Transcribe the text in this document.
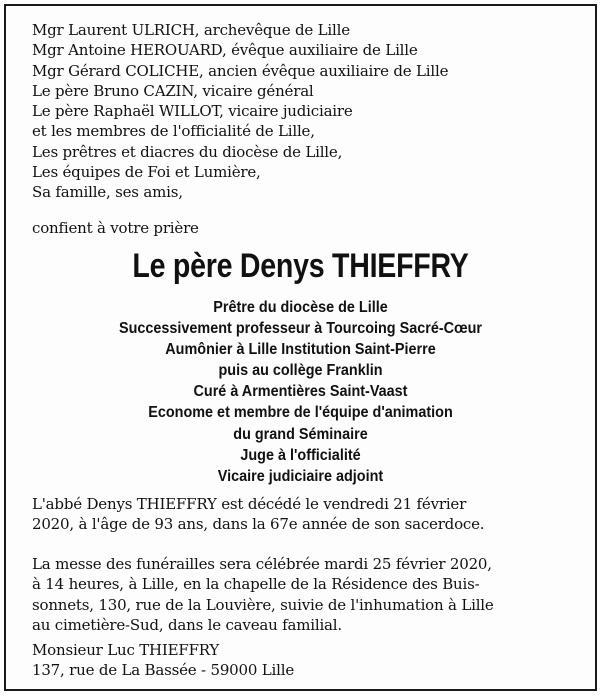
Mgr Laurent ULRICH, archevêque de Lille
Mgr Antoine HEROUARD, évêque auxiliaire de Lille
Mgr Gérard COLICHE, ancien évêque auxiliaire de Lille
Le père Bruno CAZIN, vicaire général
Le père Raphaël WILLOT, vicaire judiciaire
et les membres de l'officialité de Lille,
Les prêtres et diacres du diocèse de Lille,
Les équipes de Foi et Lumière,
Sa famille, ses amis,
confient à votre prière
Le père Denys THIEFFRY
Prêtre du diocèse de Lille
Successivement professeur à Tourcoing Sacré-Cœur
Aumônier à Lille Institution Saint-Pierre
puis au collège Franklin
Curé à Armentières Saint-Vaast
Econome et membre de l'équipe d'animation
du grand Séminaire
Juge à l'officialité
Vicaire judiciaire adjoint
L'abbé Denys THIEFFRY est décédé le vendredi 21 février
2020, à l'âge de 93 ans, dans la 67e année de son sacerdoce.
La messe des funérailles sera célébrée mardi 25 février 2020,
à 14 heures, à Lille, en la chapelle de la Résidence des Buis-
sonnets, 130, rue de la Louvière, suivie de l'inhumation à Lille
au cimetière-Sud, dans le caveau familial.
Monsieur Luc THIEFFRY
137, rue de La Bassée - 59000 Lille
